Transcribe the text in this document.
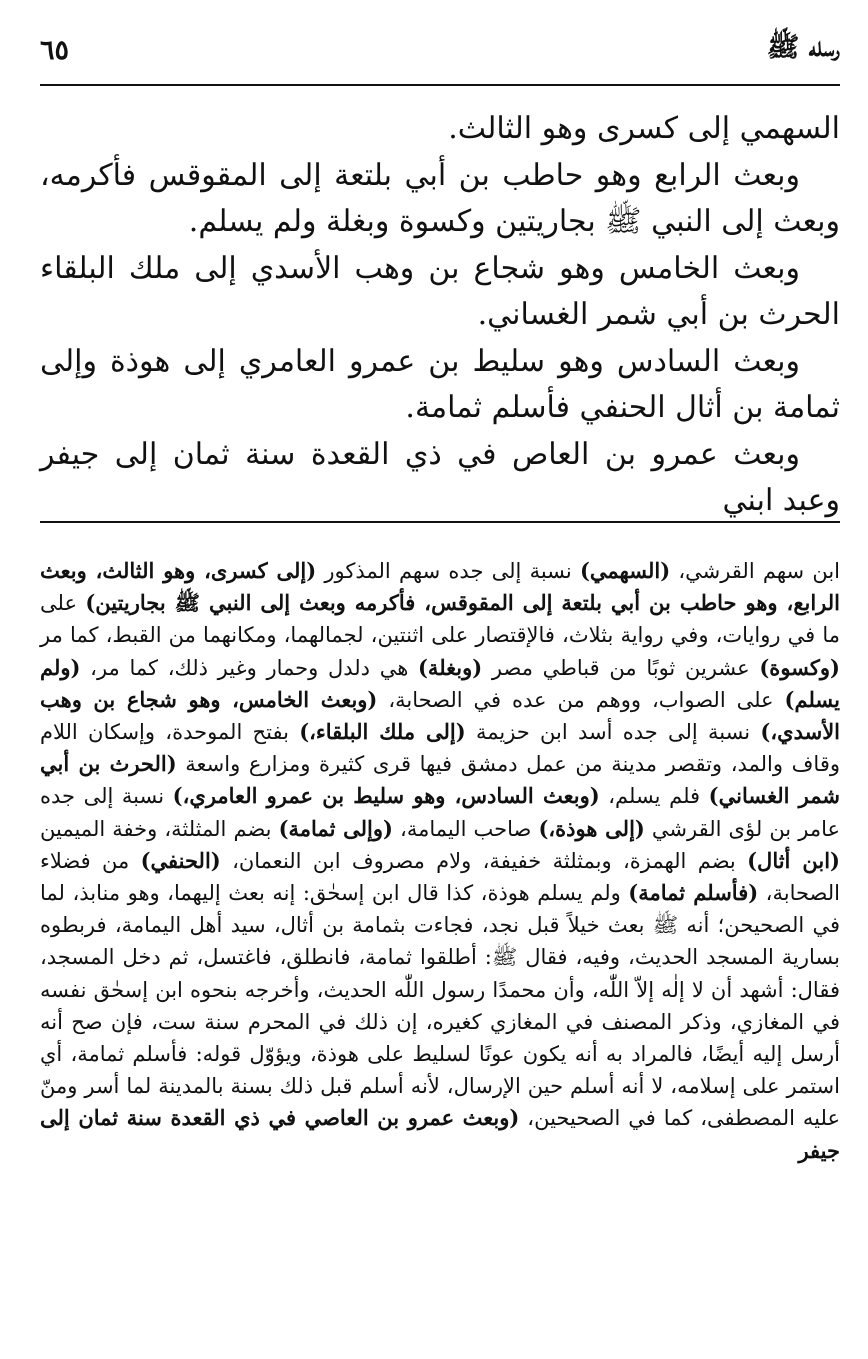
رسله ﷺ
٦٥

السهمي إلى كسرى وهو الثالث.

وبعث الرابع وهو حاطب بن أبي بلتعة إلى المقوقس فأكرمه، وبعث إلى النبي ﷺ بجاريتين وكسوة وبغلة ولم يسلم.

وبعث الخامس وهو شجاع بن وهب الأسدي إلى ملك البلقاء الحرث بن أبي شمر الغساني.

وبعث السادس وهو سليط بن عمرو العامري إلى هوذة وإلى ثمامة بن أثال الحنفي فأسلم ثمامة.

وبعث عمرو بن العاص في ذي القعدة سنة ثمان إلى جيفر وعبد ابني

ابن سهم القرشي، (السهمي) نسبة إلى جده سهم المذكور (إلى كسرى، وهو الثالث، وبعث الرابع، وهو حاطب بن أبي بلتعة إلى المقوقس، فأكرمه وبعث إلى النبي ﷺ بجاريتين) على ما في روايات، وفي رواية بثلاث، فالإقتصار على اثنتين، لجمالهما، ومكانهما من القبط، كما مر (وكسوة) عشرين ثوبًا من قباطي مصر (وبغلة) هي دلدل وحمار وغير ذلك، كما مر، (ولم يسلم) على الصواب، ووهم من عده في الصحابة، (وبعث الخامس، وهو شجاع بن وهب الأسدي،) نسبة إلى جده أسد ابن حزيمة (إلى ملك البلقاء،) بفتح الموحدة، وإسكان اللام وقاف والمد، وتقصر مدينة من عمل دمشق فيها قرى كثيرة ومزارع واسعة (الحرث بن أبي شمر الغساني) فلم يسلم، (وبعث السادس، وهو سليط بن عمرو العامري،) نسبة إلى جده عامر بن لؤى القرشي (إلى هوذة،) صاحب اليمامة، (وإلى ثمامة) بضم المثلثة، وخفة الميمين (ابن أثال) بضم الهمزة، وبمثلثة خفيفة، ولام مصروف ابن النعمان، (الحنفي) من فضلاء الصحابة، (فأسلم ثمامة) ولم يسلم هوذة، كذا قال ابن إسحٰق: إنه بعث إليهما، وهو منابذ، لما في الصحيحن؛ أنه ﷺ بعث خيلاً قبل نجد، فجاءت بثمامة بن أثال، سيد أهل اليمامة، فربطوه بسارية المسجد الحديث، وفيه، فقال ﷺ: أطلقوا ثمامة، فانطلق، فاغتسل، ثم دخل المسجد، فقال: أشهد أن لا إلٰه إلاّ اللّٰه، وأن محمدًا رسول اللّٰه الحديث، وأخرجه بنحوه ابن إسحٰق نفسه في المغازي، وذكر المصنف في المغازي كغيره، إن ذلك في المحرم سنة ست، فإن صح أنه أرسل إليه أيضًا، فالمراد به أنه يكون عونًا لسليط على هوذة، ويؤوّل قوله: فأسلم ثمامة، أي استمر على إسلامه، لا أنه أسلم حين الإرسال، لأنه أسلم قبل ذلك بسنة بالمدينة لما أسر ومنّ عليه المصطفى، كما في الصحيحين، (وبعث عمرو بن العاصي في ذي القعدة سنة ثمان إلى جيفر
